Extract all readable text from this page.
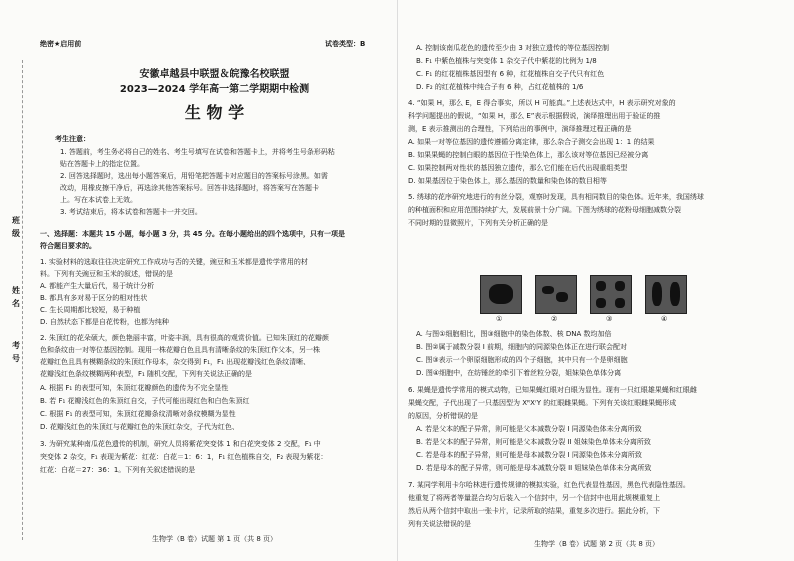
班
级
姓
名
考
号
绝密★启用前	试卷类型：B
安徽卓越县中联盟＆皖豫名校联盟
2023—2024 学年高一第二学期期中检测
生 物 学
考生注意：
1. 答题前，考生务必将自己的姓名、考生号填写在试卷和答题卡上，并将考生号条形码粘
贴在答题卡上的指定位置。
2. 回答选择题时，选出每小题答案后，用铅笔把答题卡对应题目的答案标号涂黑。如需
改动，用橡皮擦干净后，再选涂其他答案标号。回答非选择题时，将答案写在答题卡
上。写在本试卷上无效。
3. 考试结束后，将本试卷和答题卡一并交回。
一、选择题：本题共 15 小题，每小题 3 分，共 45 分。在每小题给出的四个选项中，只有一项是
符合题目要求的。
1. 实验材料的选取往往决定研究工作成功与否的关键，豌豆和玉米都是遗传学常用的材
料。下列有关豌豆和玉米的叙述，错误的是
A. 都能产生大量后代，易于统计分析
B. 都具有多对易于区分的相对性状
C. 生长周期都比较短，易于种植
D. 自然状态下都是自花传粉，也都为纯种
2. 朱顶红的花朵硕大，颜色艳丽丰富，叶姿丰润，具有很高的观赏价值。已知朱顶红的花瓣颜
色和条纹由一对等位基因控制。现用一株花瓣白色且具有清晰条纹的朱顶红作父本，另一株
花瓣红色且具有模糊条纹的朱顶红作母本，杂交得到 F₁，F₁ 出现花瓣浅红色条纹清晰、
花瓣浅红色条纹模糊两种表型，F₁ 随机交配，下列有关说法正确的是
A. 根据 F₁ 的表型可知，朱顶红花瓣颜色的遗传为不完全显性
B. 若 F₁ 花瓣浅红色的朱顶红自交，子代可能出现红色和白色朱顶红
C. 根据 F₁ 的表型可知，朱顶红花瓣条纹清晰对条纹模糊为显性
D. 花瓣浅红色的朱顶红与花瓣红色的朱顶红杂交，子代为红色、
3. 为研究某种南瓜花色遗传的机制，研究人员将紫花突变体 1 和白花突变体 2 交配，F₁ 中
突变体 2 杂交，F₁ 表现为紫花：红花：白花＝1：6：1，F₁ 红色植株自交，F₂ 表现为紫花：
红花：白花＝27：36：1。下列有关叙述错误的是
生物学（B 卷）试题 第 1 页（共 8 页）
A. 控制该南瓜花色的遗传至少由 3 对独立遗传的等位基因控制
B. F₁ 中紫色植株与突变体 1 杂交子代中紫花的比例为 1/8
C. F₁ 的红花植株基因型有 6 种，红花植株自交子代只有红色
D. F₂ 的红花植株中纯合子有 6 种，占红花植株的 1/6
4. “如果 H，那么 E，E 得合事实，所以 H 可能真。”上述表达式中，H 表示研究对象的
科学问题提出的假说，“如果 H，那么 E”表示根据假说，演绎推理出用于验证的推
测，E 表示推测出的合理性，下列给出的事例中，演绎推理过程正确的是
A. 如果一对等位基因的遗传遵循分离定律，那么杂合子测交会出现 1：1 的结果
B. 如果果蝇的控制白眼的基因位于性染色体上，那么该对等位基因已经被分离
C. 如果控制两对性状的基因独立遗传，那么它们能在后代出现重组类型
D. 如果基因位于染色体上，那么基因的数量和染色体的数目相等
5. 绣球的花序研究地进行的有丝分裂，观察时发现，具有相同数目的染色体。近年来，我国绣球
的种植面积和应用范围持续扩大，发展前景十分广阔。下图为绣球的花粉母细胞减数分裂
不同时期的显微照片，下列有关分析正确的是
①	②	③	④
A. 与图①细胞相比，图③细胞中的染色体数、核 DNA 数均加倍
B. 图②属于减数分裂 I 前期，细胞内的同源染色体正在进行联会配对
C. 图③表示一个卵原细胞形成的四个子细胞，其中只有一个是卵细胞
D. 图④细胞中，在纺锤丝的牵引下着丝粒分裂，姐妹染色单体分离
6. 果蝇是遗传学常用的模式动物，已知果蝇红眼对白眼为显性。现有一只红眼雄果蝇和红眼雌
果蝇交配，子代出现了一只基因型为 XᴿXʳY 的红眼雌果蝇。下列有关该红眼雌果蝇形成
的原因，分析错误的是
A. 若是父本的配子异常，则可能是父本减数分裂 I 同源染色体未分离所致
B. 若是父本的配子异常，则可能是父本减数分裂 II 姐妹染色单体未分离所致
C. 若是母本的配子异常，则可能是母本减数分裂 I 同源染色体未分离所致
D. 若是母本的配子异常，则可能是母本减数分裂 II 姐妹染色单体未分离所致
7. 某同学利用卡尔哈林进行遗传规律的模拟实验，红色代表显性基因，黑色代表隐性基因。
他重复了将两者等量混合均匀后装入一个信封中，另一个信封中也用此规模重复上
然后从两个信封中取出一张卡片，记录所取的结果，重复多次进行。据此分析，下
列有关说法错误的是
生物学（B 卷）试题 第 2 页（共 8 页）
